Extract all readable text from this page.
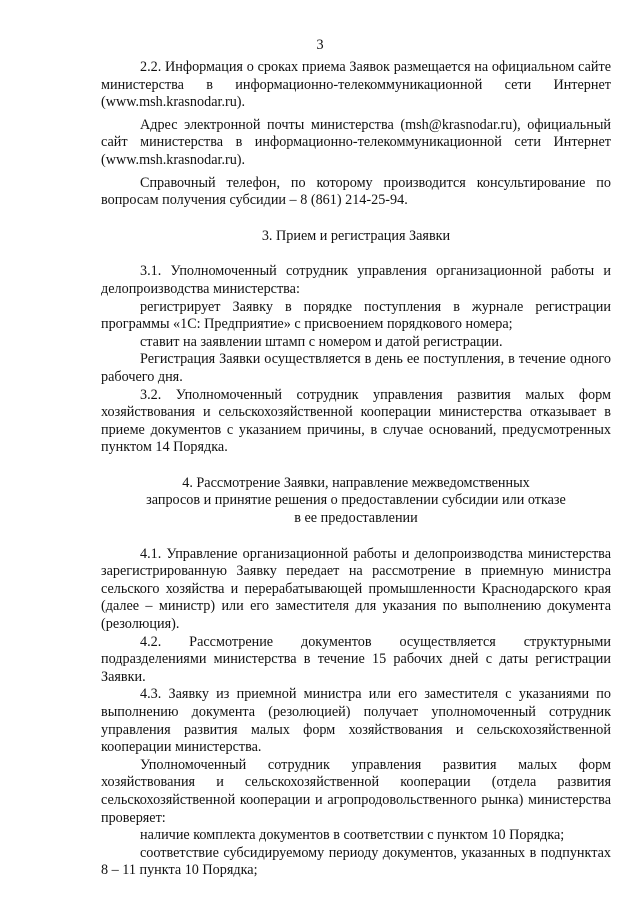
3

2.2. Информация о сроках приема Заявок размещается на официальном сайте министерства в информационно-телекоммуникационной сети Интернет (www.msh.krasnodar.ru).

Адрес электронной почты министерства (msh@krasnodar.ru), официальный сайт министерства в информационно-телекоммуникационной сети Интернет (www.msh.krasnodar.ru).

Справочный телефон, по которому производится консультирование по вопросам получения субсидии – 8 (861) 214-25-94.

3. Прием и регистрация Заявки

3.1. Уполномоченный сотрудник управления организационной работы и делопроизводства министерства:

регистрирует Заявку в порядке поступления в журнале регистрации программы «1С: Предприятие» с присвоением порядкового номера;

ставит на заявлении штамп с номером и датой регистрации.

Регистрация Заявки осуществляется в день ее поступления, в течение одного рабочего дня.

3.2. Уполномоченный сотрудник управления развития малых форм хозяйствования и сельскохозяйственной кооперации министерства отказывает в приеме документов с указанием причины, в случае оснований, предусмотренных пунктом 14 Порядка.

4. Рассмотрение Заявки, направление межведомственных

запросов и принятие решения о предоставлении субсидии или отказе

в ее предоставлении

4.1. Управление организационной работы и делопроизводства министерства зарегистрированную Заявку передает на рассмотрение в приемную министра сельского хозяйства и перерабатывающей промышленности Краснодарского края (далее – министр) или его заместителя для указания по выполнению документа (резолюция).

4.2. Рассмотрение документов осуществляется структурными подразделениями министерства в течение 15 рабочих дней с даты регистрации Заявки.

4.3. Заявку из приемной министра или его заместителя с указаниями по выполнению документа (резолюцией) получает уполномоченный сотрудник управления развития малых форм хозяйствования и сельскохозяйственной кооперации министерства.

Уполномоченный сотрудник управления развития малых форм хозяйствования и сельскохозяйственной кооперации (отдела развития сельскохозяйственной кооперации и агропродовольственного рынка) министерства проверяет:

наличие комплекта документов в соответствии с пунктом 10 Порядка;

соответствие субсидируемому периоду документов, указанных в подпунктах 8 – 11 пункта 10 Порядка;
